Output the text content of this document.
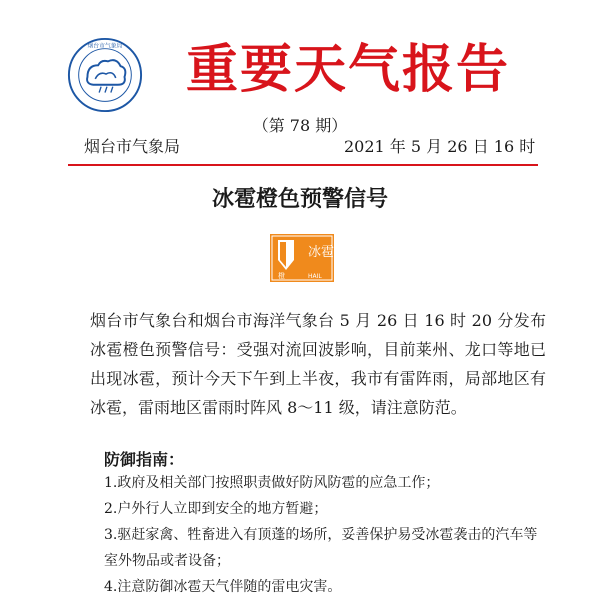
烟台市气象局 重要天气报告
（第 78 期）
烟台市气象局	2021 年 5 月 26 日 16 时
冰雹橙色预警信号
冰雹
橙	HAIL

烟台市气象台和烟台市海洋气象台 5 月 26 日 16 时 20 分发布冰雹橙色预警信号：受强对流回波影响，目前莱州、龙口等地已出现冰雹，预计今天下午到上半夜，我市有雷阵雨，局部地区有冰雹，雷雨地区雷雨时阵风 8～11 级，请注意防范。

防御指南：
1.政府及相关部门按照职责做好防风防雹的应急工作；
2.户外行人立即到安全的地方暂避；
3.驱赶家禽、牲畜进入有顶蓬的场所，妥善保护易受冰雹袭击的汽车等室外物品或者设备；
4.注意防御冰雹天气伴随的雷电灾害。
